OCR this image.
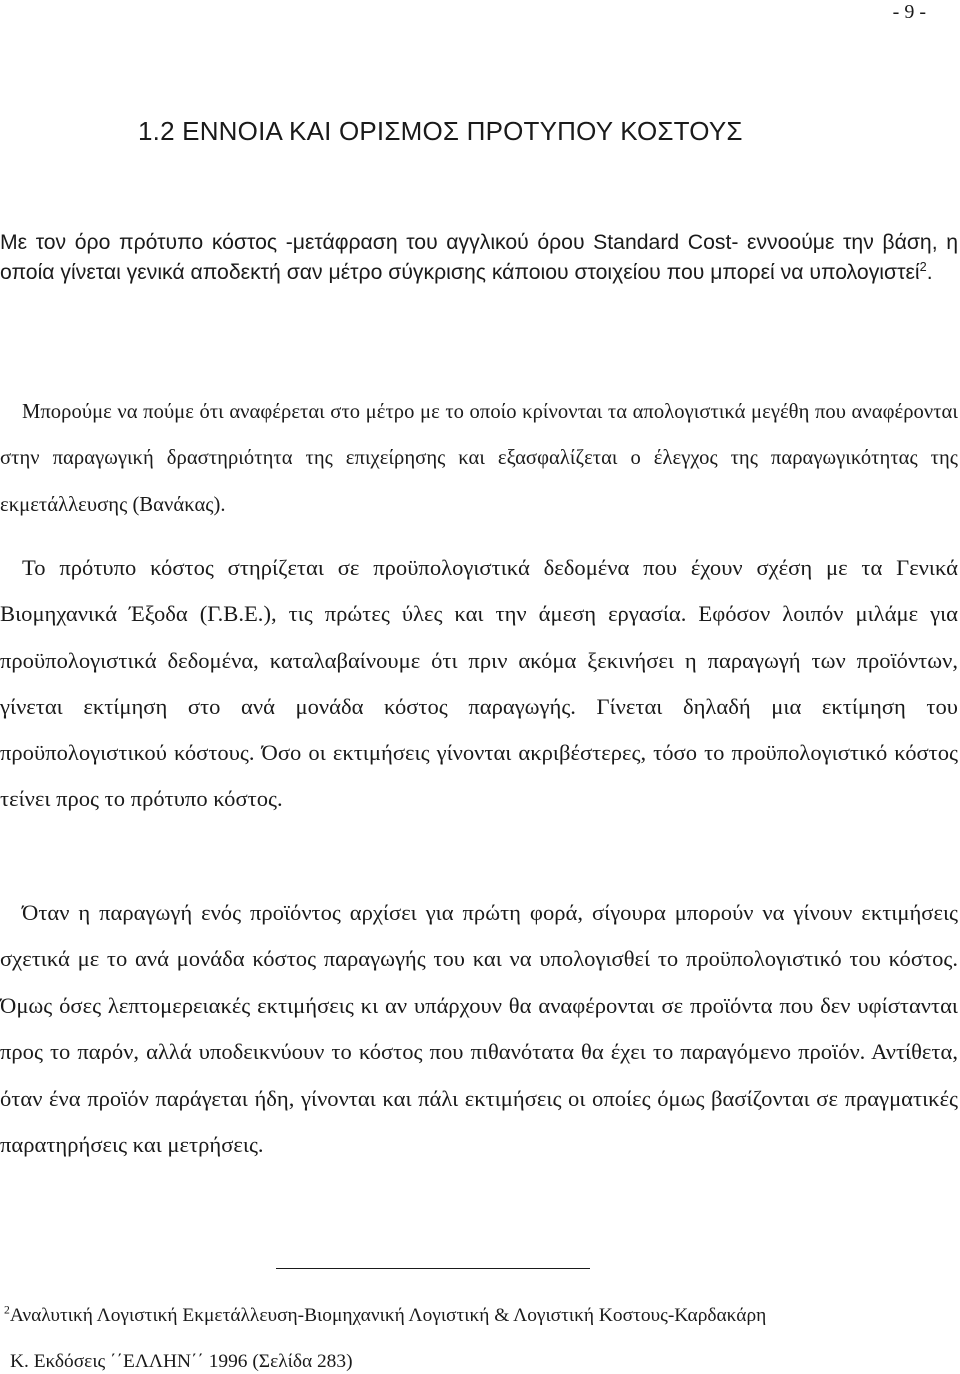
- 9 -
1.2 ΕΝΝΟΙΑ ΚΑΙ ΟΡΙΣΜΟΣ ΠΡΟΤΥΠΟΥ ΚΟΣΤΟΥΣ

Με τον όρο πρότυπο κόστος -μετάφραση του αγγλικού όρου Standard Cost- εννοούμε την βάση, η οποία γίνεται γενικά αποδεκτή σαν μέτρο σύγκρισης κάποιου στοιχείου που μπορεί να υπολογιστεί$^2$.

Μπορούμε να πούμε ότι αναφέρεται στο μέτρο με το οποίο κρίνονται τα απολογιστικά μεγέθη που αναφέρονται στην παραγωγική δραστηριότητα της επιχείρησης και εξασφαλίζεται ο έλεγχος της παραγωγικότητας της εκμετάλλευσης (Βανάκας).

Το πρότυπο κόστος στηρίζεται σε προϋπολογιστικά δεδομένα που έχουν σχέση με τα Γενικά Βιομηχανικά Έξοδα (Γ.Β.Ε.), τις πρώτες ύλες και την άμεση εργασία. Εφόσον λοιπόν μιλάμε για προϋπολογιστικά δεδομένα, καταλαβαίνουμε ότι πριν ακόμα ξεκινήσει η παραγωγή των προϊόντων, γίνεται εκτίμηση στο ανά μονάδα κόστος παραγωγής. Γίνεται δηλαδή μια εκτίμηση του προϋπολογιστικού κόστους. Όσο οι εκτιμήσεις γίνονται ακριβέστερες, τόσο το προϋπολογιστικό κόστος τείνει προς το πρότυπο κόστος.

Όταν η παραγωγή ενός προϊόντος αρχίσει για πρώτη φορά, σίγουρα μπορούν να γίνουν εκτιμήσεις σχετικά με το ανά μονάδα κόστος παραγωγής του και να υπολογισθεί το προϋπολογιστικό του κόστος. Όμως όσες λεπτομερειακές εκτιμήσεις κι αν υπάρχουν θα αναφέρονται σε προϊόντα που δεν υφίστανται προς το παρόν, αλλά υποδεικνύουν το κόστος που πιθανότατα θα έχει το παραγόμενο προϊόν. Αντίθετα, όταν ένα προϊόν παράγεται ήδη, γίνονται και πάλι εκτιμήσεις οι οποίες όμως βασίζονται σε πραγματικές παρατηρήσεις και μετρήσεις.

$^2$Αναλυτική Λογιστική Εκμετάλλευση-Βιομηχανική Λογιστική & Λογιστική Κοστους-Καρδακάρη
Κ. Εκδόσεις ΄΄ΕΛΛΗΝ΄΄ 1996 (Σελίδα 283)
